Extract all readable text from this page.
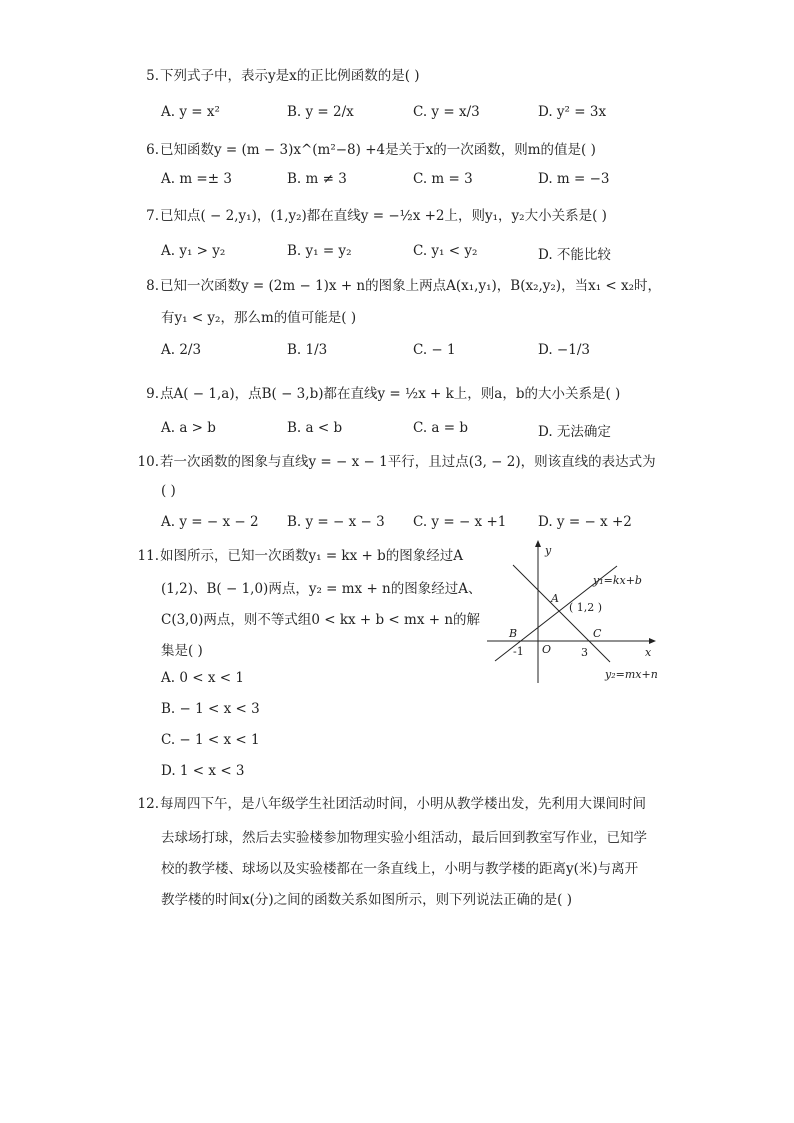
5. 下列式子中，表示y是x的正比例函数的是( )
A. y = x²	B. y = 2/x	C. y = x/3	D. y² = 3x
6. 已知函数y = (m − 3)x^(m²−8) +4是关于x的一次函数，则m的值是( )
A. m =± 3	B. m ≠ 3	C. m = 3	D. m = −3
7. 已知点( − 2,y₁)，(1,y₂)都在直线y = −½x +2上，则y₁，y₂大小关系是( )
A. y₁ > y₂	B. y₁ = y₂	C. y₁ < y₂	D. 不能比较
8. 已知一次函数y = (2m − 1)x + n的图象上两点A(x₁,y₁)，B(x₂,y₂)，当x₁ < x₂时，
有y₁ < y₂，那么m的值可能是( )
A. 2/3	B. 1/3	C. − 1	D. −1/3
9. 点A( − 1,a)，点B( − 3,b)都在直线y = ½x + k上，则a，b的大小关系是( )
A. a > b	B. a < b	C. a = b	D. 无法确定
10. 若一次函数的图象与直线y = − x − 1平行，且过点(3, − 2)，则该直线的表达式为
( )
A. y = − x − 2 B. y = − x − 3 C. y = − x +1 D. y = − x +2
11. 如图所示，已知一次函数y₁ = kx + b的图象经过A
(1,2)、B( − 1,0)两点，y₂ = mx + n的图象经过A、
C(3,0)两点，则不等式组0 < kx + b < mx + n的解
集是( )
A. 0 < x < 1
B. − 1 < x < 3
C. − 1 < x < 1
D. 1 < x < 3
y
x
O
A
( 1,2 )
B	C
-1	3
y₁=kx+b
y₂=mx+n
12. 每周四下午，是八年级学生社团活动时间，小明从教学楼出发，先利用大课间时间
去球场打球，然后去实验楼参加物理实验小组活动，最后回到教室写作业，已知学
校的教学楼、球场以及实验楼都在一条直线上，小明与教学楼的距离y(米)与离开
教学楼的时间x(分)之间的函数关系如图所示，则下列说法正确的是( )
